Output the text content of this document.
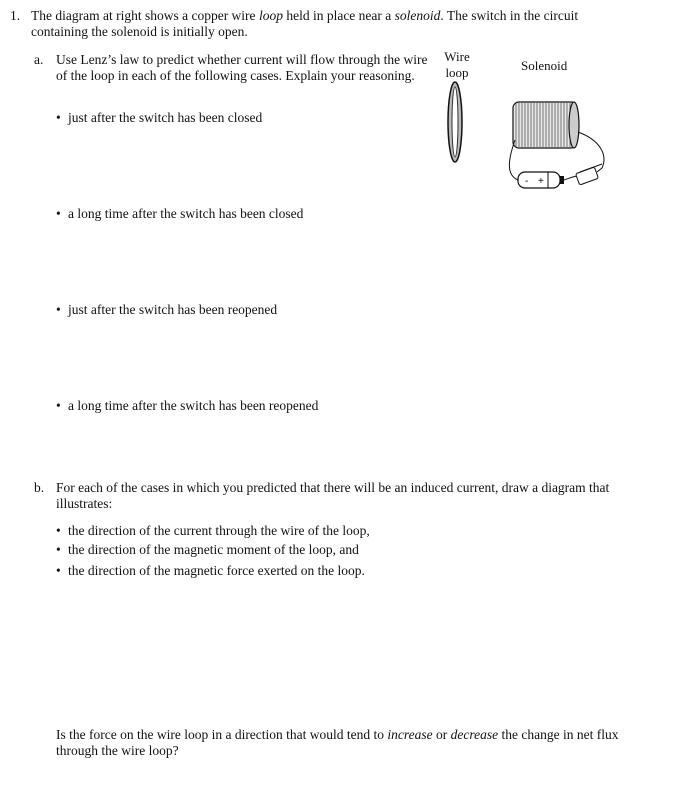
1. The diagram at right shows a copper wire loop held in place near a solenoid. The switch in the circuit containing the solenoid is initially open.
a. Use Lenz’s law to predict whether current will flow through the wire of the loop in each of the following cases. Explain your reasoning.
• just after the switch has been closed
• a long time after the switch has been closed
• just after the switch has been reopened
• a long time after the switch has been reopened
Wire
loop	Solenoid
- +
b. For each of the cases in which you predicted that there will be an induced current, draw a diagram that illustrates:
• the direction of the current through the wire of the loop,
• the direction of the magnetic moment of the loop, and
• the direction of the magnetic force exerted on the loop.
Is the force on the wire loop in a direction that would tend to increase or decrease the change in net flux through the wire loop?
